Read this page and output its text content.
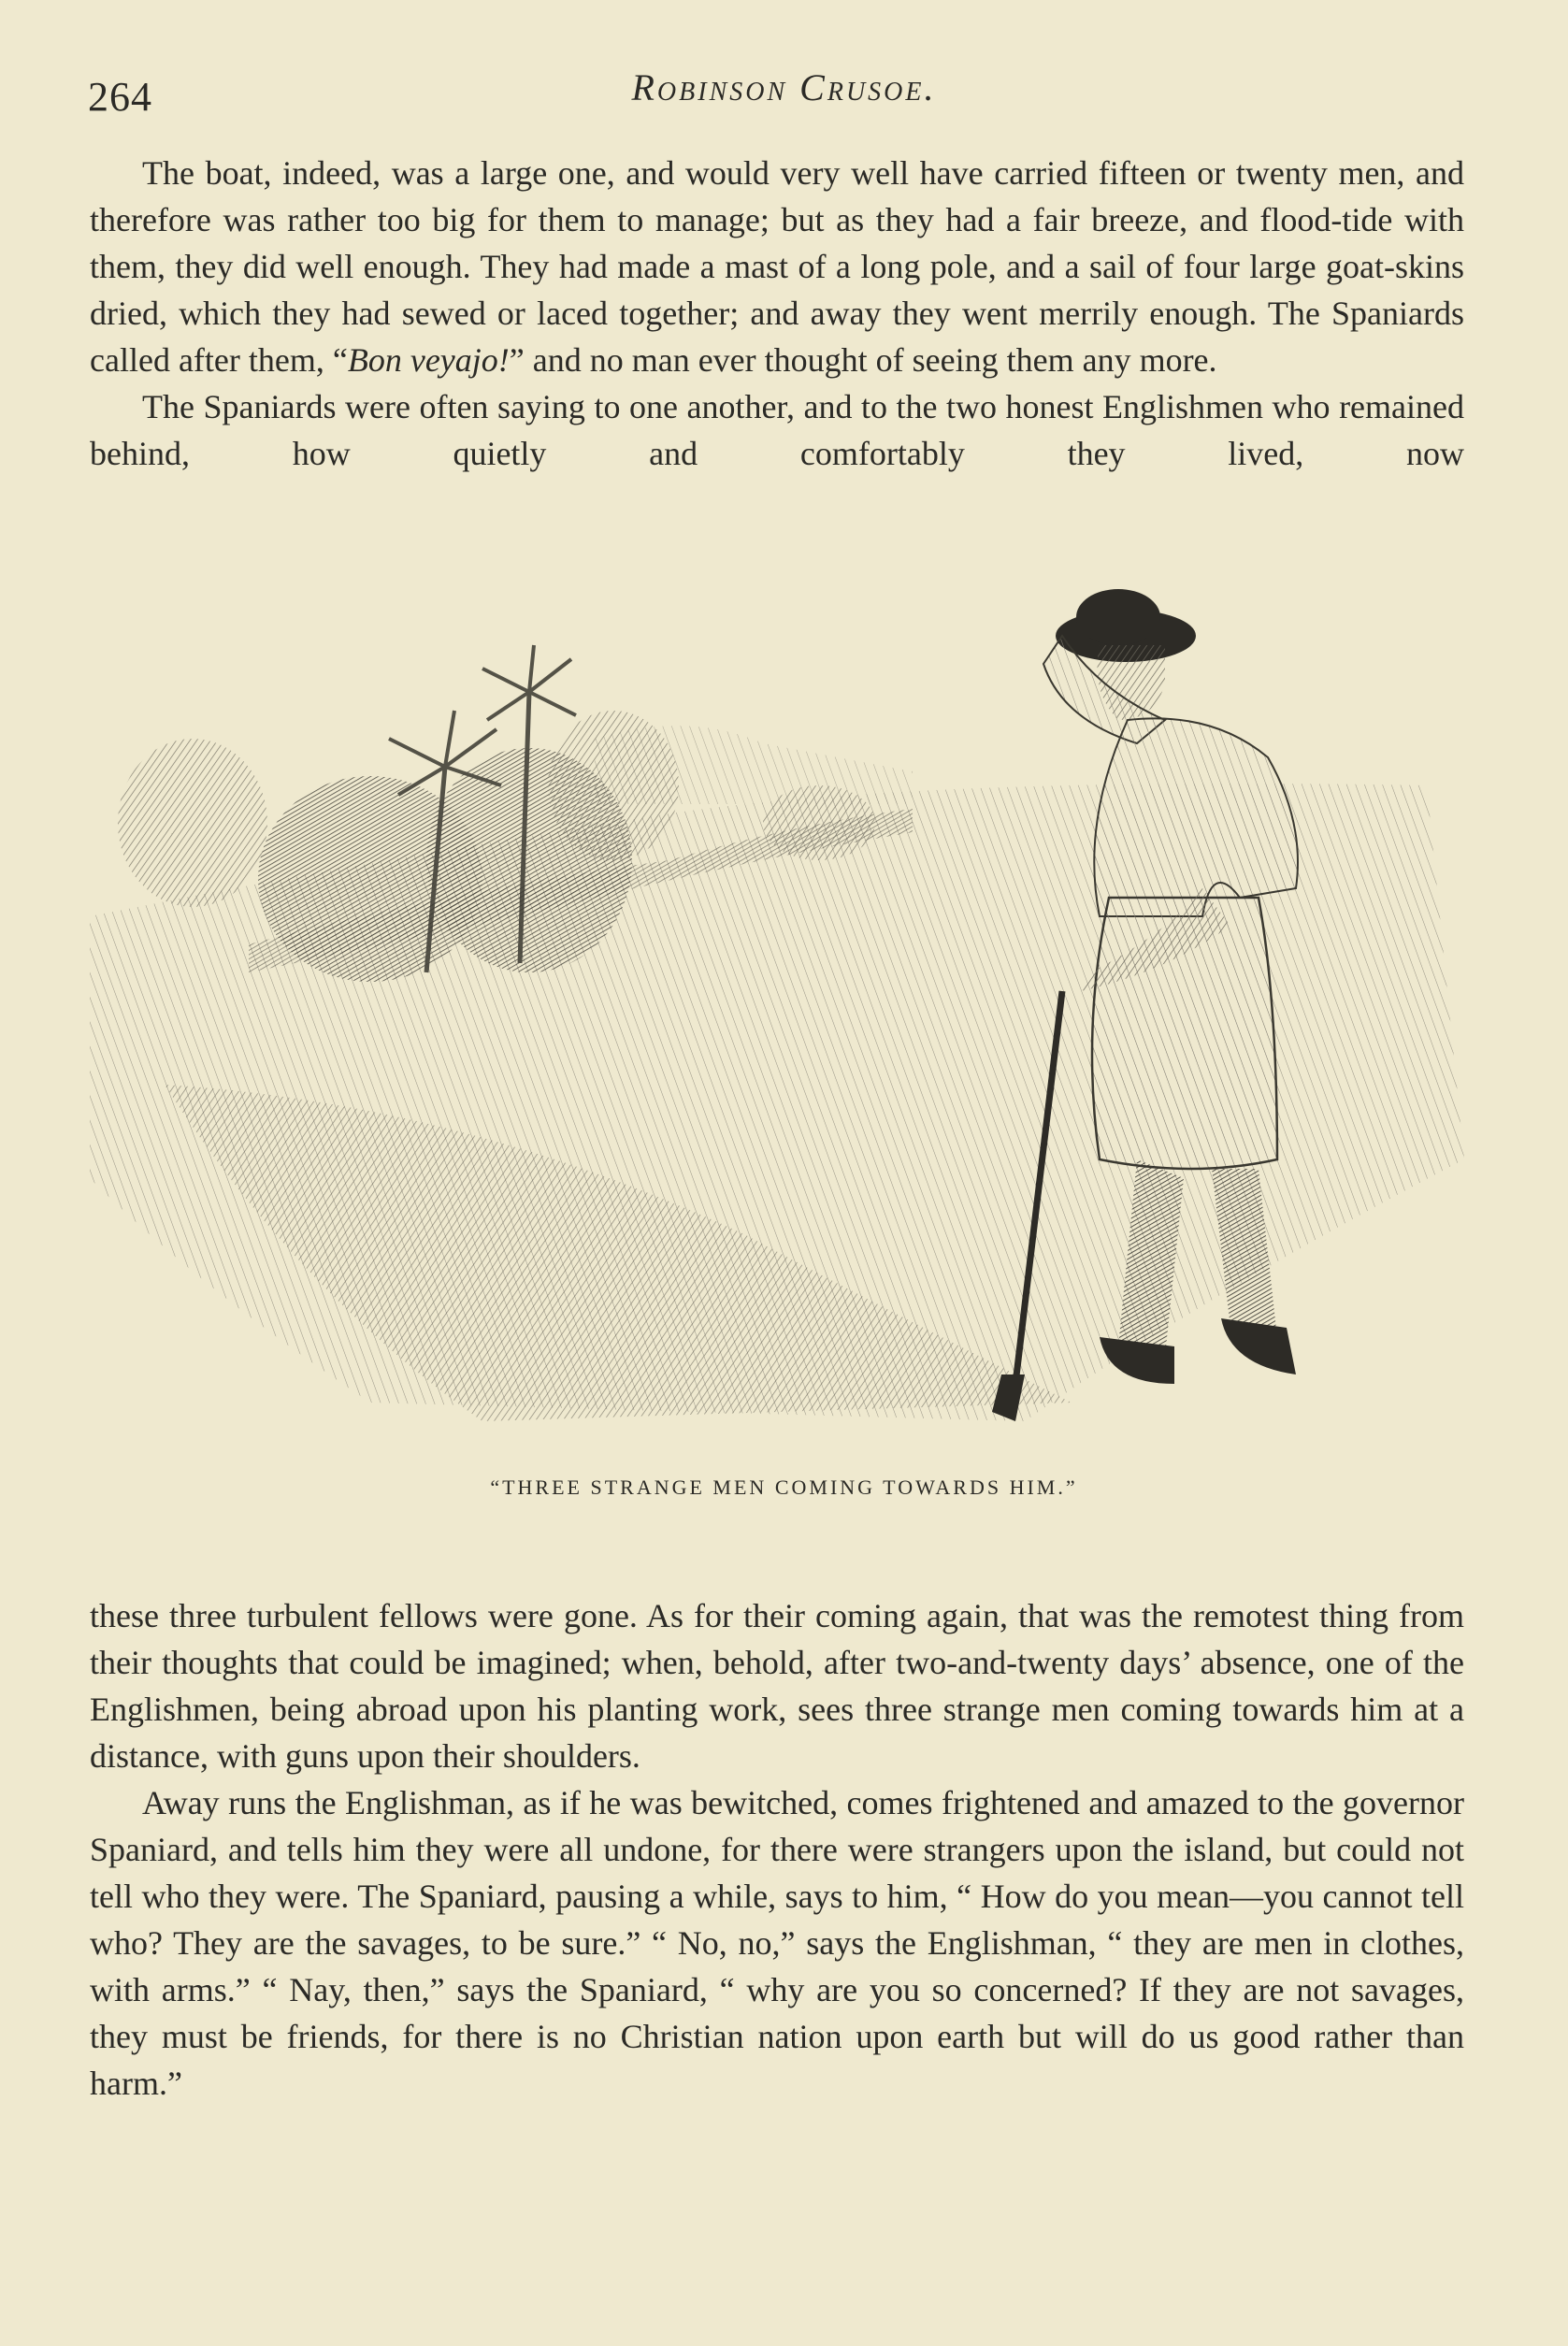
264	Robinson Crusoe.

The boat, indeed, was a large one, and would very well have carried fifteen or twenty men, and therefore was rather too big for them to manage; but as they had a fair breeze, and flood-tide with them, they did well enough. They had made a mast of a long pole, and a sail of four large goat-skins dried, which they had sewed or laced together; and away they went merrily enough. The Spaniards called after them, “Bon veyajo!” and no man ever thought of seeing them any more.

The Spaniards were often saying to one another, and to the two honest Englishmen who remained behind, how quietly and comfortably they lived, now

“THREE STRANGE MEN COMING TOWARDS HIM.”

these three turbulent fellows were gone. As for their coming again, that was the remotest thing from their thoughts that could be imagined; when, behold, after two-and-twenty days’ absence, one of the Englishmen, being abroad upon his planting work, sees three strange men coming towards him at a distance, with guns upon their shoulders.

Away runs the Englishman, as if he was bewitched, comes frightened and amazed to the governor Spaniard, and tells him they were all undone, for there were strangers upon the island, but could not tell who they were. The Spaniard, pausing a while, says to him, “ How do you mean—you cannot tell who? They are the savages, to be sure.” “ No, no,” says the Englishman, “ they are men in clothes, with arms.” “ Nay, then,” says the Spaniard, “ why are you so concerned? If they are not savages, they must be friends, for there is no Christian nation upon earth but will do us good rather than harm.”
